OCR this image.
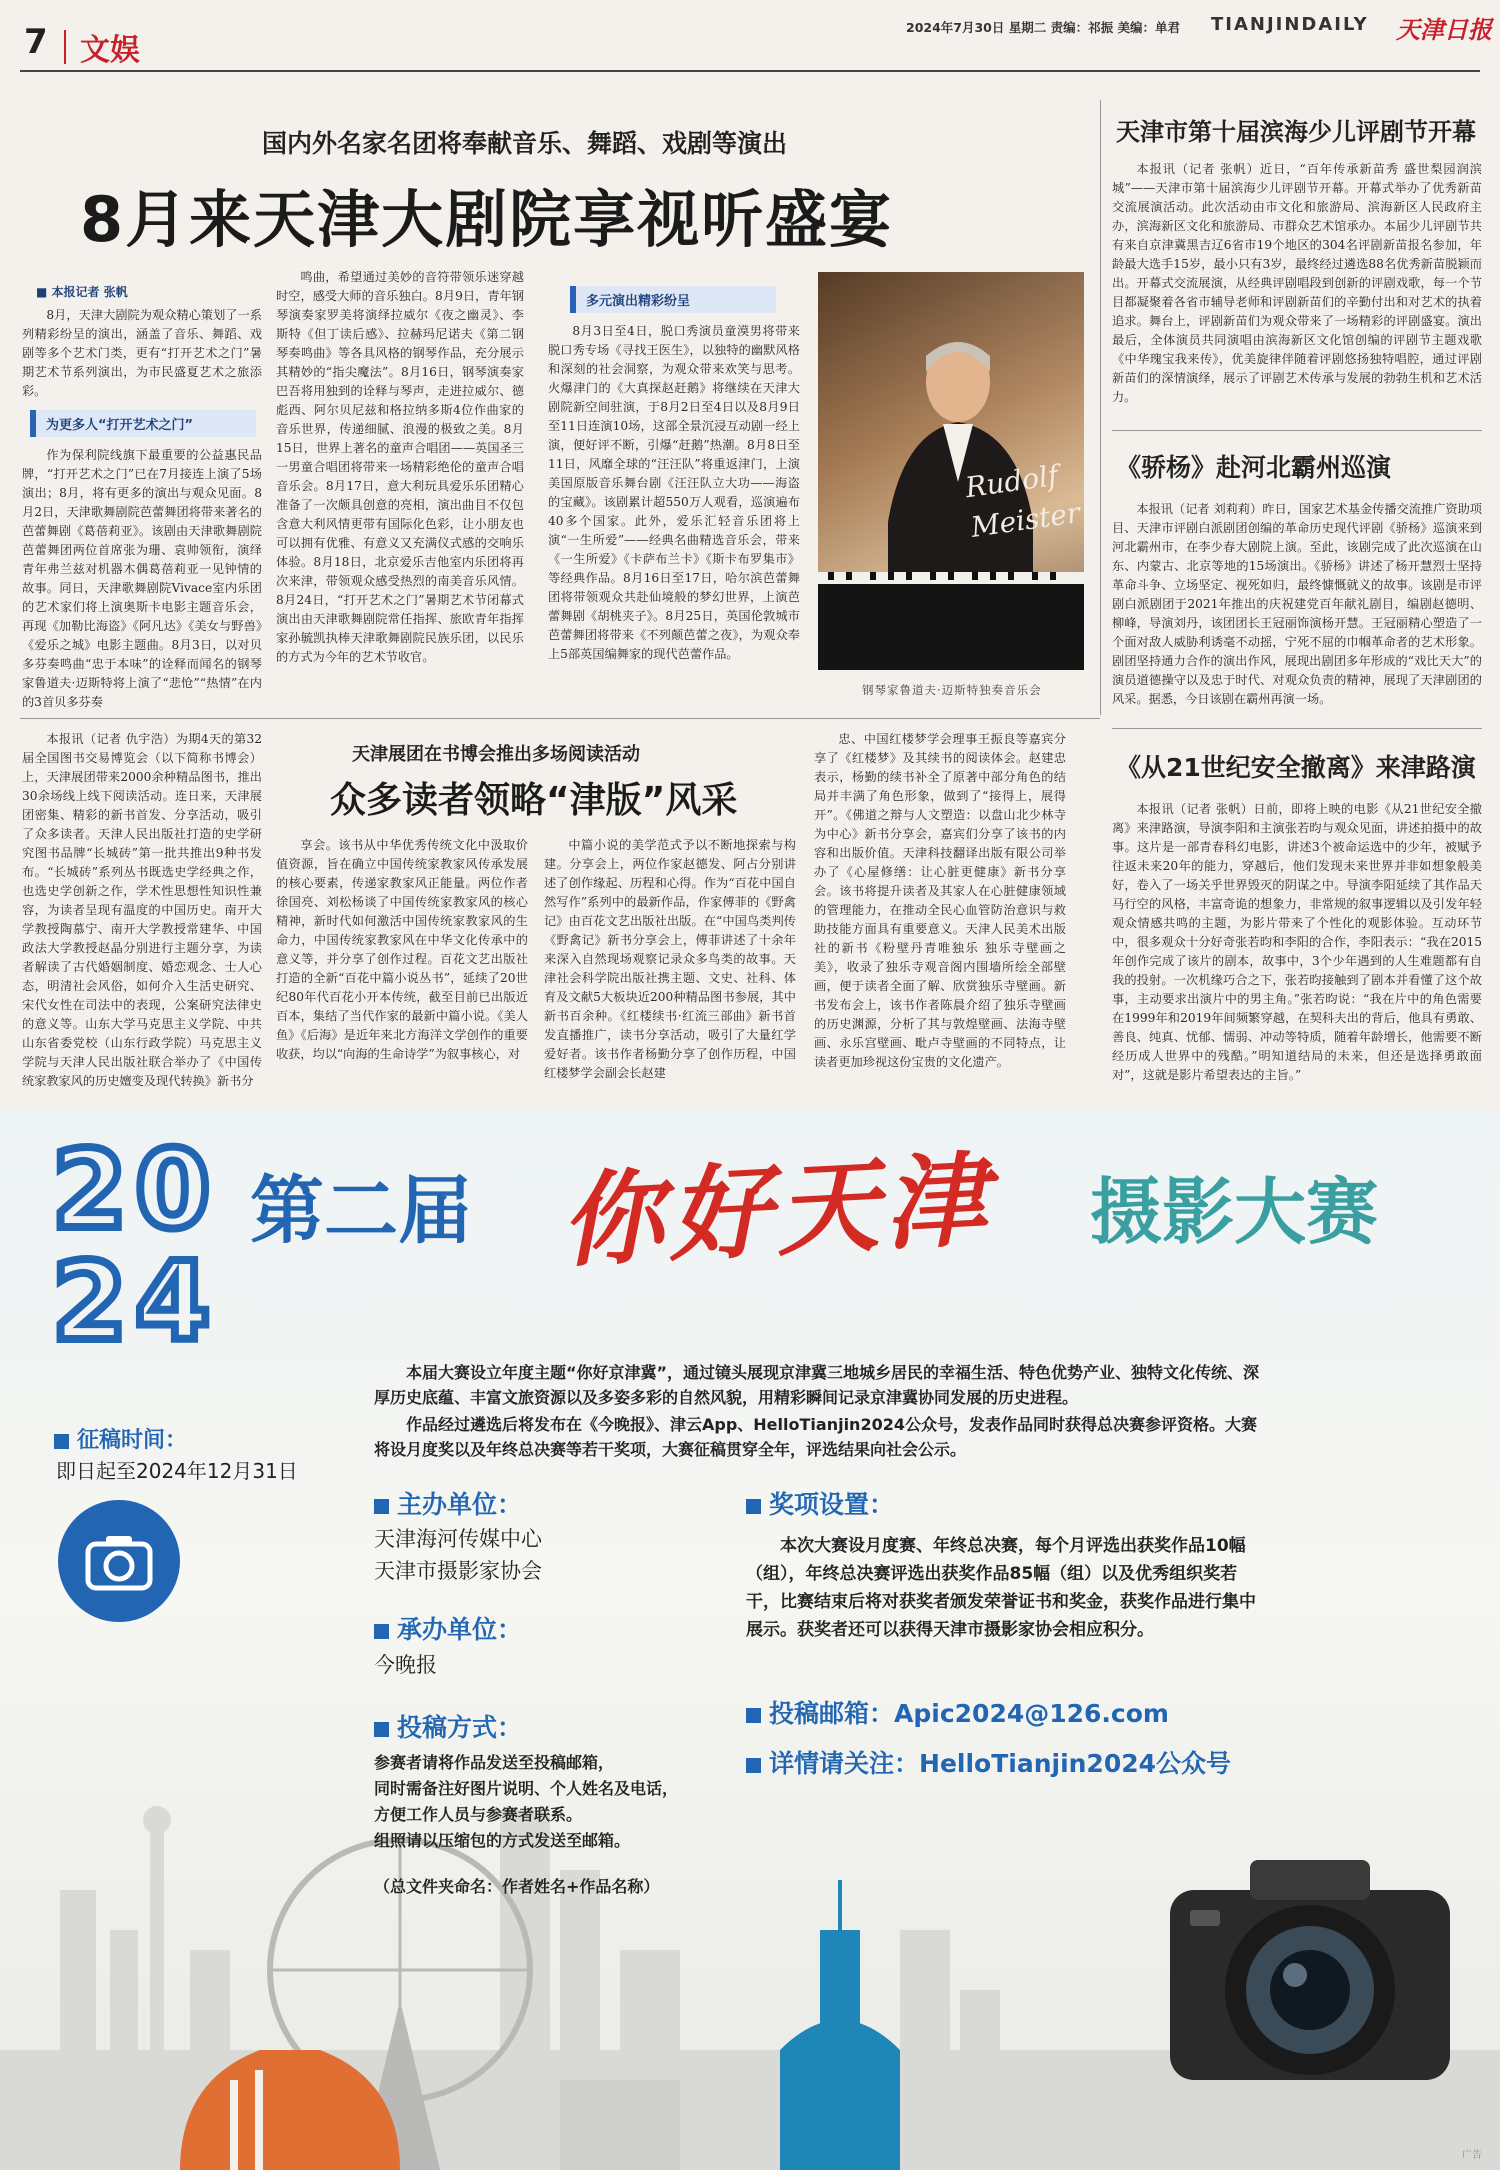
7 文娱
2024年7月30日 星期二 责编：祁振 美编：单君 TIANJINDAILY 天津日报
国内外名家名团将奉献音乐、舞蹈、戏剧等演出
8月来天津大剧院享视听盛宴
■ 本报记者 张帆

8月，天津大剧院为观众精心策划了一系列精彩纷呈的演出，涵盖了音乐、舞蹈、戏剧等多个艺术门类，更有“打开艺术之门”暑期艺术节系列演出，为市民盛夏艺术之旅添彩。

为更多人“打开艺术之门”

作为保利院线旗下最重要的公益惠民品牌，“打开艺术之门”已在7月接连上演了5场演出；8月，将有更多的演出与观众见面。8月2日，天津歌舞剧院芭蕾舞团将带来著名的芭蕾舞剧《葛蓓莉亚》。该剧由天津歌舞剧院芭蕾舞团两位首席张为珊、袁帅领衔，演绎青年弗兰兹对机器木偶葛蓓莉亚一见钟情的故事。同日，天津歌舞剧院Vivace室内乐团的艺术家们将上演奥斯卡电影主题音乐会，再现《加勒比海盗》《阿凡达》《美女与野兽》《爱乐之城》电影主题曲。8月3日，以对贝多芬奏鸣曲“忠于本味”的诠释而闻名的钢琴家鲁道夫·迈斯特将上演了“悲怆”“热情”在内的3首贝多芬奏

鸣曲，希望通过美妙的音符带领乐迷穿越时空，感受大师的音乐独白。8月9日，青年钢琴演奏家罗美将演绎拉威尔《夜之幽灵》、李斯特《但丁读后感》、拉赫玛尼诺夫《第二钢琴奏鸣曲》等各具风格的钢琴作品，充分展示其精妙的“指尖魔法”。8月16日，钢琴演奏家巴吾将用独到的诠释与琴声，走进拉威尔、德彪西、阿尔贝尼兹和格拉纳多斯4位作曲家的音乐世界，传递细腻、浪漫的极致之美。8月15日，世界上著名的童声合唱团——英国圣三一男童合唱团将带来一场精彩绝伦的童声合唱音乐会。8月17日，意大利玩具爱乐乐团精心准备了一次颇具创意的亮相，演出曲目不仅包含意大利风情更带有国际化色彩，让小朋友也可以拥有优雅、有意义又充满仪式感的交响乐体验。8月18日，北京爱乐吉他室内乐团将再次来津，带领观众感受热烈的南美音乐风情。8月24日，“打开艺术之门”暑期艺术节闭幕式演出由天津歌舞剧院常任指挥、旅欧青年指挥家孙毓凯执棒天津歌舞剧院民族乐团，以民乐的方式为今年的艺术节收官。

多元演出精彩纷呈

8月3日至4日，脱口秀演员童漠男将带来脱口秀专场《寻找王医生》，以独特的幽默风格和深刻的社会洞察，为观众带来欢笑与思考。火爆津门的《大真探赵赶鹅》将继续在天津大剧院新空间驻演，于8月2日至4日以及8月9日至11日连演10场，这部全景沉浸互动剧一经上演，便好评不断，引爆“赶鹅”热潮。8月8日至11日，风靡全球的“汪汪队”将重返津门，上演美国原版音乐舞台剧《汪汪队立大功——海盗的宝藏》。该剧累计超550万人观看，巡演遍布40多个国家。此外，爱乐汇轻音乐团将上演“一生所爱”——经典名曲精选音乐会，带来《一生所爱》《卡萨布兰卡》《斯卡布罗集市》等经典作品。8月16日至17日，哈尔滨芭蕾舞团将带领观众共赴仙境般的梦幻世界，上演芭蕾舞剧《胡桃夹子》。8月25日，英国伦敦城市芭蕾舞团将带来《不列颠芭蕾之夜》，为观众奉上5部英国编舞家的现代芭蕾作品。

Rudolf Meister
钢琴家鲁道夫·迈斯特独奏音乐会
天津市第十届滨海少儿评剧节开幕

本报讯（记者 张帆）近日，“百年传承新苗秀 盛世梨园润滨城”——天津市第十届滨海少儿评剧节开幕。开幕式举办了优秀新苗交流展演活动。此次活动由市文化和旅游局、滨海新区人民政府主办，滨海新区文化和旅游局、市群众艺术馆承办。本届少儿评剧节共有来自京津冀黑吉辽6省市19个地区的304名评剧新苗报名参加，年龄最大选手15岁，最小只有3岁，最终经过遴选88名优秀新苗脱颖而出。开幕式交流展演，从经典评剧唱段到创新的评剧戏歌，每一个节目都凝聚着各省市辅导老师和评剧新苗们的辛勤付出和对艺术的执着追求。舞台上，评剧新苗们为观众带来了一场精彩的评剧盛宴。演出最后，全体演员共同演唱由滨海新区文化馆创编的评剧节主题戏歌《中华瑰宝我来传》，优美旋律伴随着评剧悠扬独特唱腔，通过评剧新苗们的深情演绎，展示了评剧艺术传承与发展的勃勃生机和艺术活力。

《骄杨》赴河北霸州巡演

本报讯（记者 刘莉莉）昨日，国家艺术基金传播交流推广资助项目、天津市评剧白派剧团创编的革命历史现代评剧《骄杨》巡演来到河北霸州市，在李少春大剧院上演。至此，该剧完成了此次巡演在山东、内蒙古、北京等地的15场演出。《骄杨》讲述了杨开慧烈士坚持革命斗争、立场坚定、视死如归，最终慷慨就义的故事。该剧是市评剧白派剧团于2021年推出的庆祝建党百年献礼剧目，编剧赵德明、柳峰，导演刘丹，该团团长王冠丽饰演杨开慧。王冠丽精心塑造了一个面对敌人威胁利诱毫不动摇，宁死不屈的巾帼革命者的艺术形象。剧团坚持通力合作的演出作风，展现出剧团多年形成的“戏比天大”的演员道德操守以及忠于时代、对观众负责的精神，展现了天津剧团的风采。据悉，今日该剧在霸州再演一场。

《从21世纪安全撤离》来津路演

本报讯（记者 张帆）日前，即将上映的电影《从21世纪安全撤离》来津路演，导演李阳和主演张若昀与观众见面，讲述拍摄中的故事。这片是一部青春科幻电影，讲述3个被命运选中的少年，被赋予往返未来20年的能力，穿越后，他们发现未来世界并非如想象般美好，卷入了一场关乎世界毁灭的阴谋之中。导演李阳延续了其作品天马行空的风格，丰富奇诡的想象力，非常规的叙事逻辑以及引发年轻观众情感共鸣的主题，为影片带来了个性化的观影体验。互动环节中，很多观众十分好奇张若昀和李阳的合作，李阳表示：“我在2015年创作完成了该片的剧本，故事中，3个少年遇到的人生难题都有自我的投射。一次机缘巧合之下，张若昀接触到了剧本并看懂了这个故事，主动要求出演片中的男主角。”张若昀说：“我在片中的角色需要在1999年和2019年间频繁穿越，在契科夫出的背后，他具有勇敢、善良、纯真、忧郁、懦弱、冲动等特质，随着年龄增长，他需要不断经历成人世界中的残酷。”明知道结局的未来，但还是选择勇敢面对”，这就是影片希望表达的主旨。”

本报讯（记者 仇宇浩）为期4天的第32届全国图书交易博览会（以下简称书博会）上，天津展团带来2000余种精品图书，推出30余场线上线下阅读活动。连日来，天津展团密集、精彩的新书首发、分享活动，吸引了众多读者。天津人民出版社打造的史学研究图书品牌“长城砖”第一批共推出9种书发布。“长城砖”系列丛书既选史学经典之作，也选史学创新之作，学术性思想性知识性兼容，为读者呈现有温度的中国历史。南开大学教授陶慕宁、南开大学教授常建华、中国政法大学教授赵晶分别进行主题分享，为读者解读了古代婚姻制度、婚恋观念、士人心态，明清社会风俗，如何介入生活史研究、宋代女性在司法中的表现，公案研究法律史的意义等。山东大学马克思主义学院、中共山东省委党校（山东行政学院）马克思主义学院与天津人民出版社联合举办了《中国传统家教家风的历史嬗变及现代转换》新书分

天津展团在书博会推出多场阅读活动
众多读者领略“津版”风采

享会。该书从中华优秀传统文化中汲取价值资源，旨在确立中国传统家教家风传承发展的核心要素，传递家教家风正能量。两位作者徐国亮、刘松杨谈了中国传统家教家风的核心精神，新时代如何激活中国传统家教家风的生命力，中国传统家教家风在中华文化传承中的意义等，并分享了创作过程。百花文艺出版社打造的全新“百花中篇小说丛书”，延续了20世纪80年代百花小开本传统，截至目前已出版近百本，集结了当代作家的最新中篇小说。《美人鱼》《后海》是近年来北方海洋文学创作的重要收获，均以“向海的生命诗学”为叙事核心，对

中篇小说的美学范式予以不断地探索与构建。分享会上，两位作家赵德发、阿占分别讲述了创作缘起、历程和心得。作为“百花中国自然写作”系列中的最新作品，作家傅菲的《野禽记》由百花文艺出版社出版。在“中国鸟类判传《野禽记》新书分享会上，傅菲讲述了十余年来深入自然现场观察记录众多鸟类的故事。天津社会科学院出版社携主题、文史、社科、体育及文献5大板块近200种精品图书参展，其中新书百余种。《红楼续书·红流三部曲》新书首发直播推广，读书分享活动，吸引了大量红学爱好者。该书作者杨勤分享了创作历程，中国红楼梦学会副会长赵建

忠、中国红楼梦学会理事王振良等嘉宾分享了《红楼梦》及其续书的阅读体会。赵建忠表示，杨勤的续书补全了原著中部分角色的结局并丰满了角色形象，做到了“接得上，展得开”。《佛道之辩与人文塑造：以盘山北少林寺为中心》新书分享会，嘉宾们分享了该书的内容和出版价值。天津科技翻译出版有限公司举办了《心屋修缮：让心脏更健康》新书分享会。该书将提升读者及其家人在心脏健康领域的管理能力，在推动全民心血管防治意识与救助技能方面具有重要意义。天津人民美术出版社的新书《粉壁丹青唯独乐 独乐寺壁画之美》，收录了独乐寺观音阁内围墙所绘全部壁画，便于读者全面了解、欣赏独乐寺壁画。新书发布会上，该书作者陈晨介绍了独乐寺壁画的历史渊源，分析了其与敦煌壁画、法海寺壁画、永乐宫壁画、毗卢寺壁画的不同特点，让读者更加珍视这份宝贵的文化遗产。

20
24
第二届 你好天津 摄影大赛
本届大赛设立年度主题“你好京津冀”，通过镜头展现京津冀三地城乡居民的幸福生活、特色优势产业、独特文化传统、深厚历史底蕴、丰富文旅资源以及多姿多彩的自然风貌，用精彩瞬间记录京津冀协同发展的历史进程。
作品经过遴选后将发布在《今晚报》、津云App、HelloTianjin2024公众号，发表作品同时获得总决赛参评资格。大赛将设月度奖以及年终总决赛等若干奖项，大赛征稿贯穿全年，评选结果向社会公示。
征稿时间：
即日起至2024年12月31日
主办单位：
天津海河传媒中心
天津市摄影家协会
承办单位：
今晚报
投稿方式：
参赛者请将作品发送至投稿邮箱，
同时需备注好图片说明、个人姓名及电话，
方便工作人员与参赛者联系。
组照请以压缩包的方式发送至邮箱。
（总文件夹命名：作者姓名+作品名称）
奖项设置：
本次大赛设月度赛、年终总决赛，每个月评选出获奖作品10幅（组），年终总决赛评选出获奖作品85幅（组）以及优秀组织奖若干，比赛结束后将对获奖者颁发荣誉证书和奖金，获奖作品进行集中展示。获奖者还可以获得天津市摄影家协会相应积分。
投稿邮箱：Apic2024@126.com
详情请关注：HelloTianjin2024公众号
广告
